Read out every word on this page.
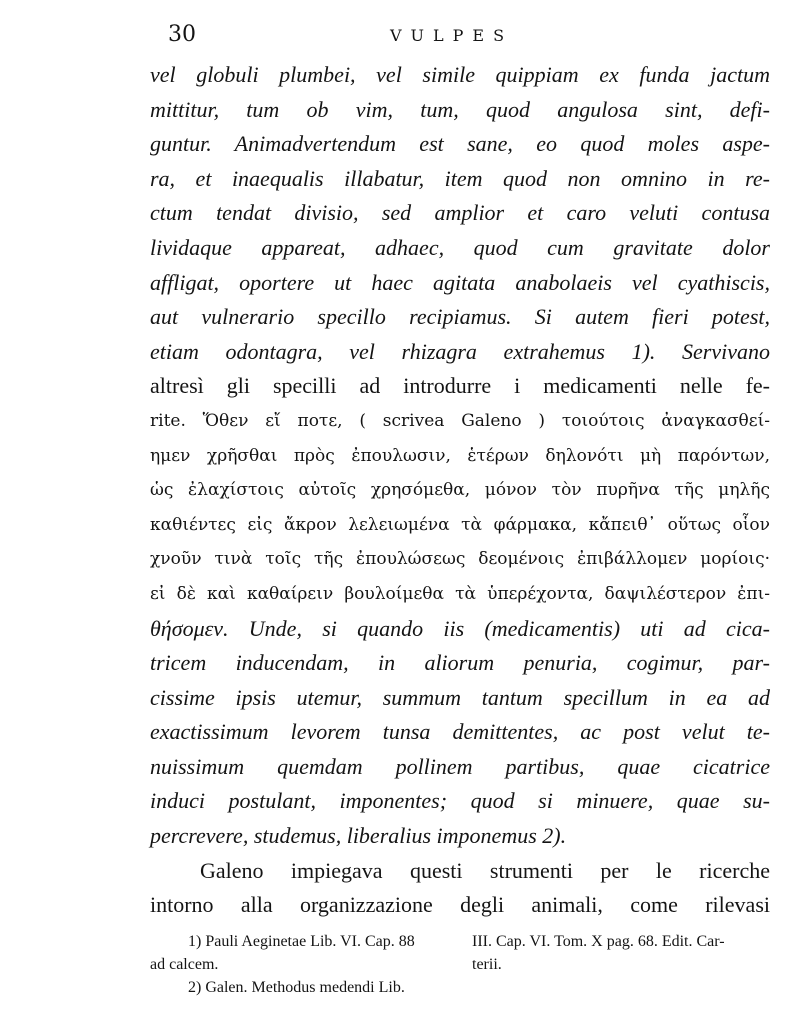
30	VULPES
vel globuli plumbei, vel simile quippiam ex funda jactum
mittitur, tum ob vim, tum, quod angulosa sint, defi-
guntur. Animadvertendum est sane, eo quod moles aspe-
ra, et inaequalis illabatur, item quod non omnino in re-
ctum tendat divisio, sed amplior et caro veluti contusa
lividaque appareat, adhaec, quod cum gravitate dolor
affligat, oportere ut haec agitata anabolaeis vel cyathiscis,
aut vulnerario specillo recipiamus. Si autem fieri potest,
etiam odontagra, vel rhizagra extrahemus 1). Servivano
altresì gli specilli ad introdurre i medicamenti nelle fe-
rite. Ὅθεν εἴ ποτε, ( scrivea Galeno ) τοιούτοις ἀναγκασθεί-
ημεν χρῆσθαι πρὸς ἐπουλωσιν, ἑτέρων δηλονότι μὴ παρόντων,
ὡς ἐλαχίστοις αὐτοῖς χρησόμεθα, μόνον τὸν πυρῆνα τῆς μηλῆς
καθιέντες εἰς ἄκρον λελειωμένα τὰ φάρμακα, κἄπειθ᾽ οὕτως οἷον
χνοῦν τινὰ τοῖς τῆς ἐπουλώσεως δεομένοις ἐπιβάλλομεν μορίοις·
εἰ δὲ καὶ καθαίρειν βουλοίμεθα τὰ ὑπερέχοντα, δαψιλέστερον ἐπι-
θήσομεν. Unde, si quando iis (medicamentis) uti ad cica-
tricem inducendam, in aliorum penuria, cogimur, par-
cissime ipsis utemur, summum tantum specillum in ea ad
exactissimum levorem tunsa demittentes, ac post velut te-
nuissimum quemdam pollinem partibus, quae cicatrice
induci postulant, imponentes; quod si minuere, quae su-
percrevere, studemus, liberalius imponemus 2).
Galeno impiegava questi strumenti per le ricerche
intorno alla organizzazione degli animali, come rilevasi
1) Pauli Aeginetae Lib. VI. Cap. 88
ad calcem.
2) Galen. Methodus medendi Lib.
III. Cap. VI. Tom. X pag. 68. Edit. Car-
terii.
